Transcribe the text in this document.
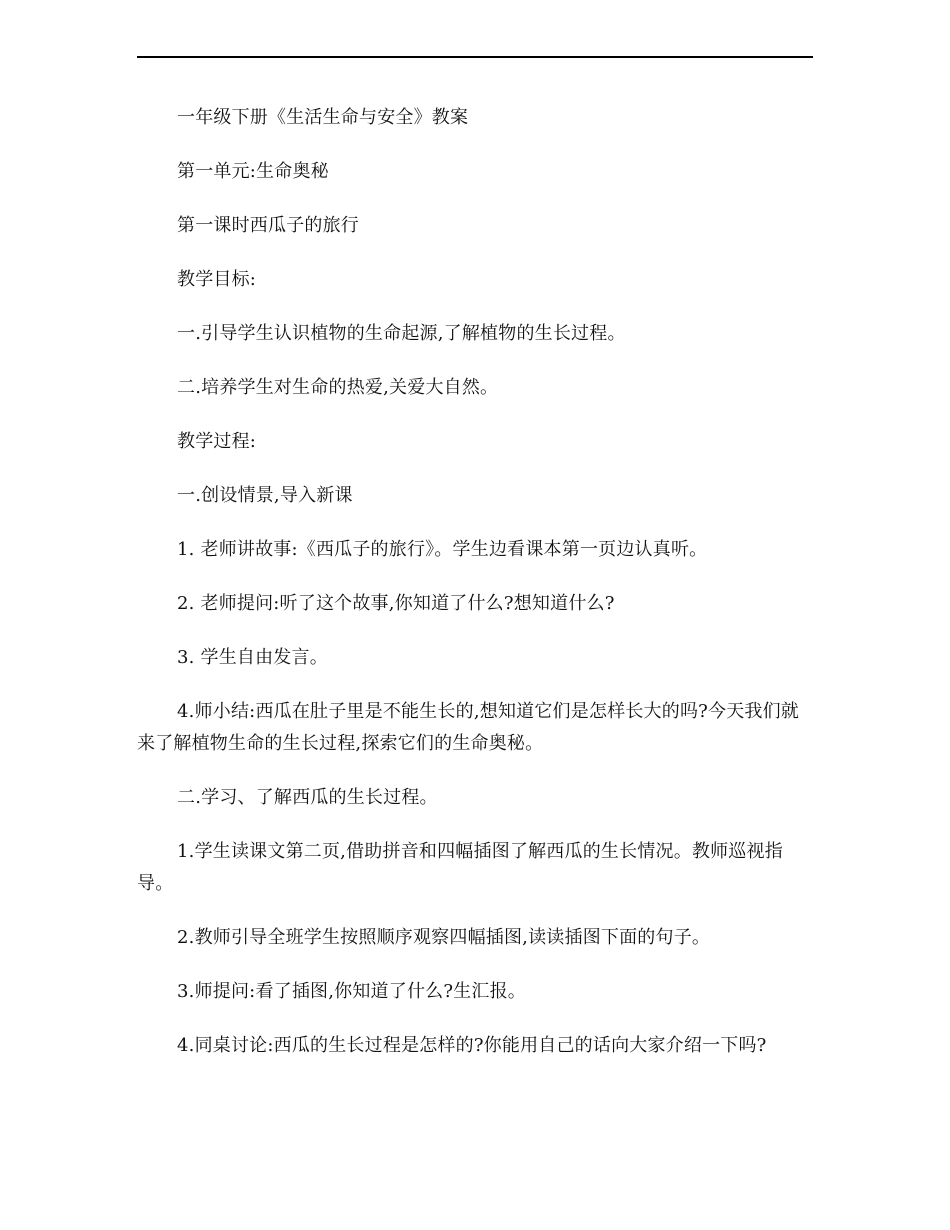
一年级下册《生活生命与安全》教案

第一单元:生命奥秘

第一课时西瓜子的旅行

教学目标:

一.引导学生认识植物的生命起源,了解植物的生长过程。

二.培养学生对生命的热爱,关爱大自然。

教学过程:

一.创设情景,导入新课

1. 老师讲故事:《西瓜子的旅行》。学生边看课本第一页边认真听。

2. 老师提问:听了这个故事,你知道了什么?想知道什么?

3. 学生自由发言。

4.师小结:西瓜在肚子里是不能生长的,想知道它们是怎样长大的吗?今天我们就来了解植物生命的生长过程,探索它们的生命奥秘。

二.学习、了解西瓜的生长过程。

1.学生读课文第二页,借助拼音和四幅插图了解西瓜的生长情况。教师巡视指导。

2.教师引导全班学生按照顺序观察四幅插图,读读插图下面的句子。

3.师提问:看了插图,你知道了什么?生汇报。

4.同桌讨论:西瓜的生长过程是怎样的?你能用自己的话向大家介绍一下吗?
